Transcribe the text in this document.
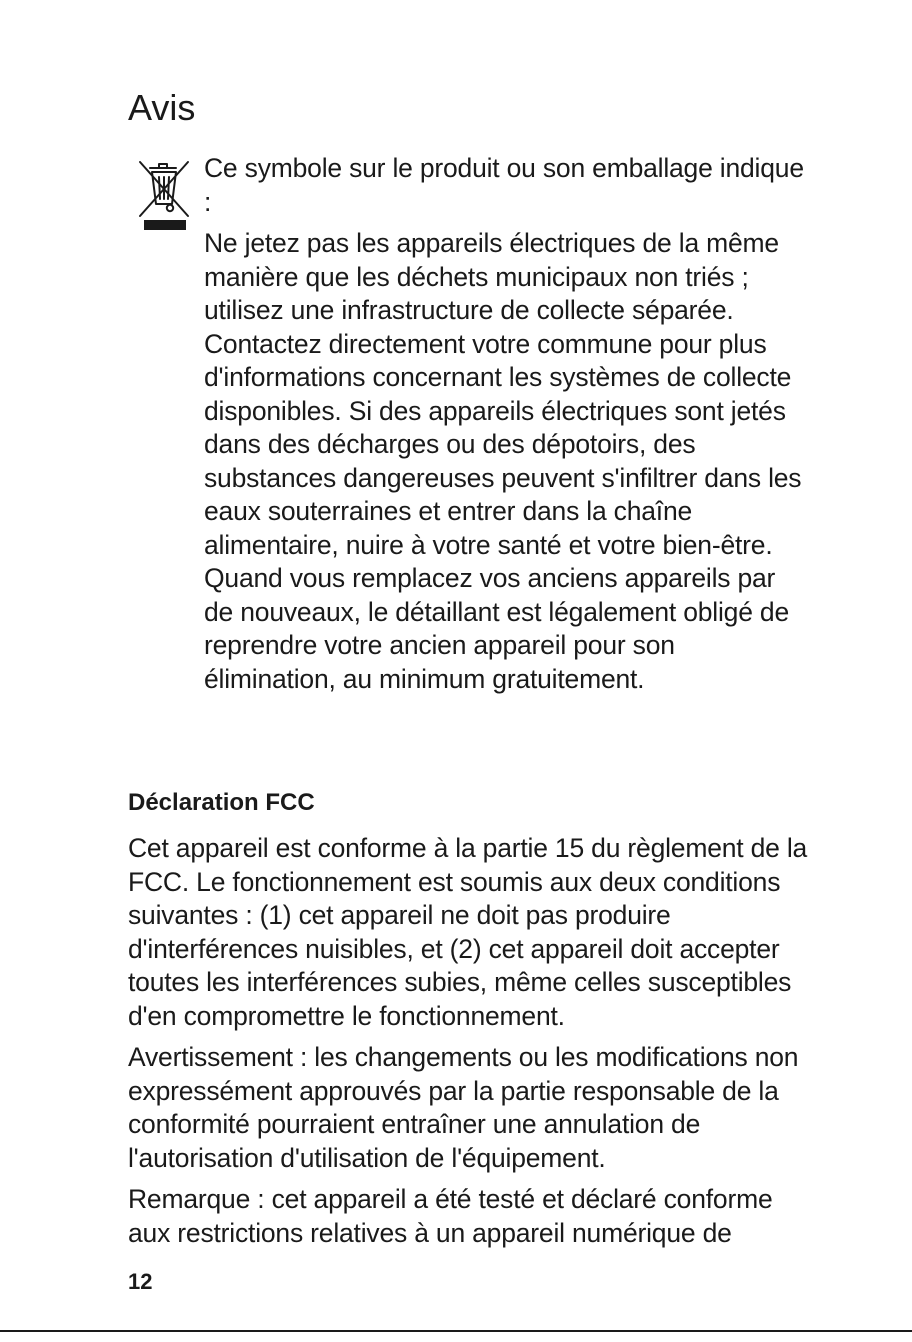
Avis

Ce symbole sur le produit ou son emballage indique :

Ne jetez pas les appareils électriques de la même manière que les déchets municipaux non triés ; utilisez une infrastructure de collecte séparée. Contactez directement votre commune pour plus d'informations concernant les systèmes de collecte disponibles. Si des appareils électriques sont jetés dans des décharges ou des dépotoirs, des substances dangereuses peuvent s'infiltrer dans les eaux souterraines et entrer dans la chaîne alimentaire, nuire à votre santé et votre bien-être. Quand vous remplacez vos anciens appareils par de nouveaux, le détaillant est légalement obligé de reprendre votre ancien appareil pour son élimination, au minimum gratuitement.

Déclaration FCC

Cet appareil est conforme à la partie 15 du règlement de la FCC. Le fonctionnement est soumis aux deux conditions suivantes : (1) cet appareil ne doit pas produire d'interférences nuisibles, et (2) cet appareil doit accepter toutes les interférences subies, même celles susceptibles d'en compromettre le fonctionnement.

Avertissement : les changements ou les modifications non expressément approuvés par la partie responsable de la conformité pourraient entraîner une annulation de l'autorisation d'utilisation de l'équipement.

Remarque : cet appareil a été testé et déclaré conforme aux restrictions relatives à un appareil numérique de

12
